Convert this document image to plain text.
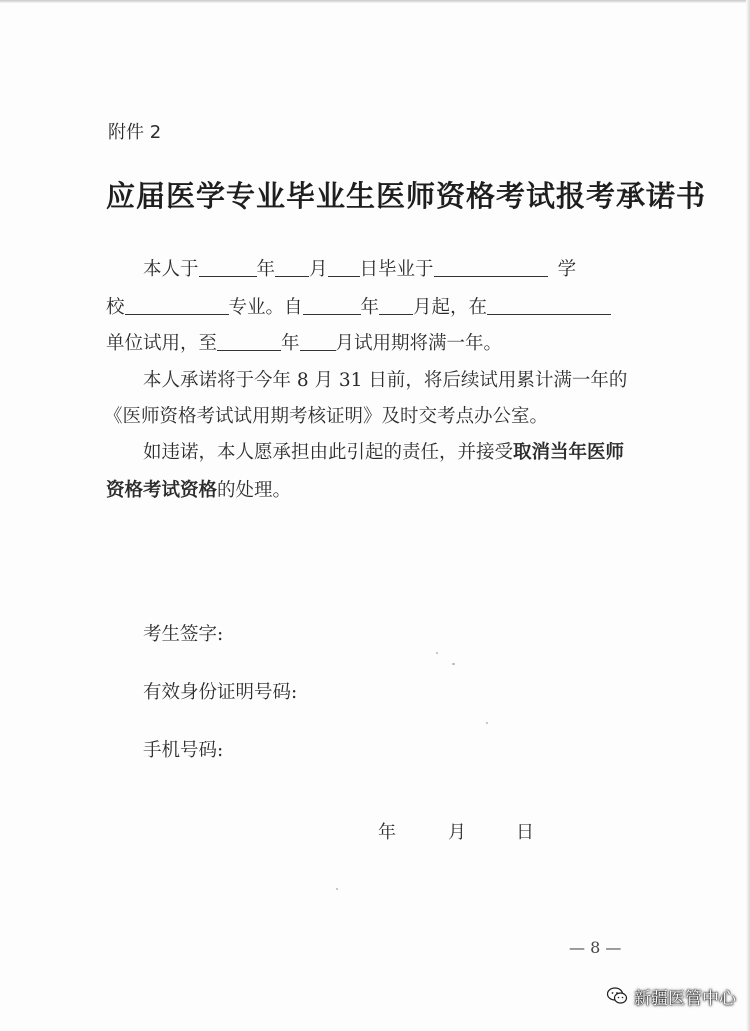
附件 2
应届医学专业毕业生医师资格考试报考承诺书
本人于	年 月 日毕业于	学
校	专业。自	年 月起，在
单位试用，至	年 月试用期将满一年。
本人承诺将于今年 8 月 31 日前，将后续试用累计满一年的
《医师资格考试试用期考核证明》及时交考点办公室。
如违诺，本人愿承担由此引起的责任，并接受取消当年医师
资格考试资格的处理。
考生签字:
有效身份证明号码:
手机号码:
年	月	日
— 8 —
新疆医管中心
